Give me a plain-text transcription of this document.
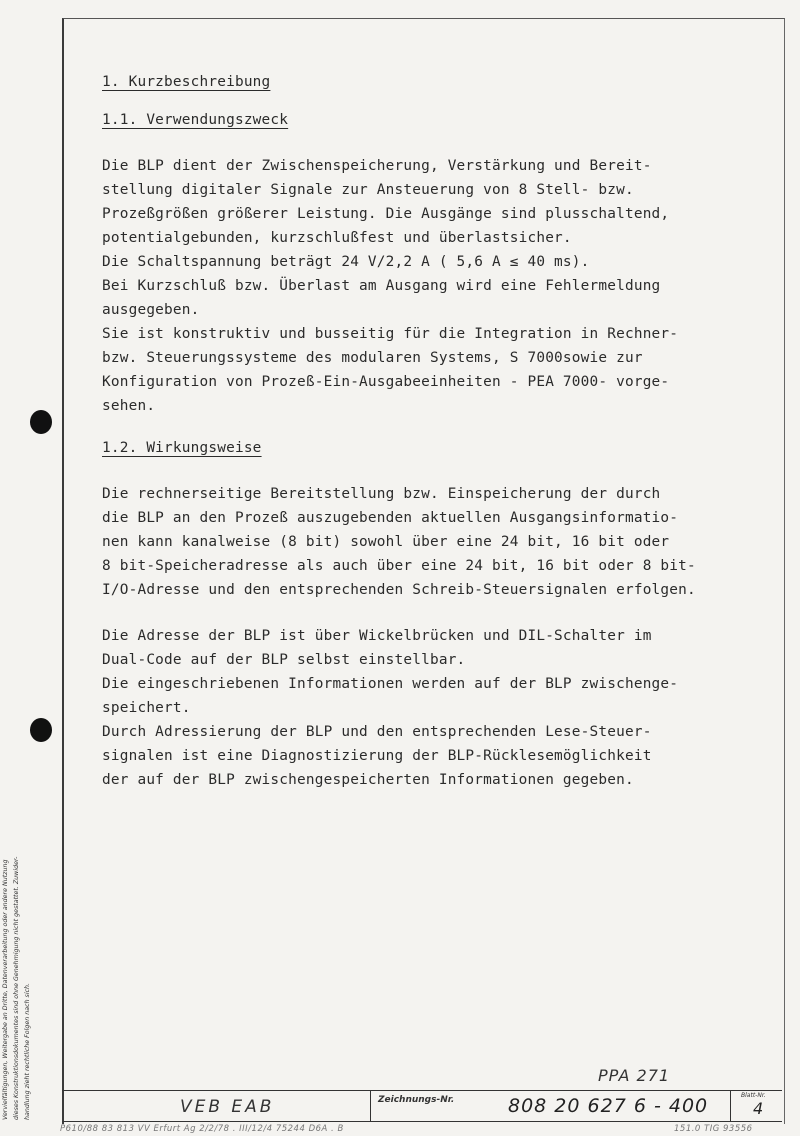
1. Kurzbeschreibung

1.1. Verwendungszweck

Die BLP dient der Zwischenspeicherung, Verstärkung und Bereit-
stellung digitaler Signale zur Ansteuerung von 8 Stell- bzw.
Prozeßgrößen größerer Leistung. Die Ausgänge sind plusschaltend,
potentialgebunden, kurzschlußfest und überlastsicher.
Die Schaltspannung beträgt 24 V/2,2 A ( 5,6 A ≤ 40 ms).
Bei Kurzschluß bzw. Überlast am Ausgang wird eine Fehlermeldung
ausgegeben.
Sie ist konstruktiv und busseitig für die Integration in Rechner-
bzw. Steuerungssysteme des modularen Systems, S 7000sowie zur
Konfiguration von Prozeß-Ein-Ausgabeeinheiten - PEA 7000- vorge-
sehen.

1.2. Wirkungsweise

Die rechnerseitige Bereitstellung bzw. Einspeicherung der durch
die BLP an den Prozeß auszugebenden aktuellen Ausgangsinformatio-
nen kann kanalweise (8 bit) sowohl über eine 24 bit, 16 bit oder
8 bit-Speicheradresse als auch über eine 24 bit, 16 bit oder 8 bit-
I/O-Adresse und den entsprechenden Schreib-Steuersignalen erfolgen.

Die Adresse der BLP ist über Wickelbrücken und DIL-Schalter im
Dual-Code auf der BLP selbst einstellbar.
Die eingeschriebenen Informationen werden auf der BLP zwischenge-
speichert.
Durch Adressierung der BLP und den entsprechenden Lese-Steuer-
signalen ist eine Diagnostizierung der BLP-Rücklesemöglichkeit
der auf der BLP zwischengespeicherten Informationen gegeben.

Vervielfältigungen, Weitergabe an Dritte, Datenverarbeitung oder andere Nutzung dieses Konstruktionsdokumentes sind ohne Genehmigung nicht gestattet. Zuwider- handlung zieht rechtliche Folgen nach sich.	PPA 271
VEB EAB	Zeichnungs-Nr.	808 20 627 6 - 400	Blatt-Nr.
4
P610/88 83 813 VV Erfurt Ag 2/2/78 . III/12/4 75244 D6A . B	151.0 TIG 93556
